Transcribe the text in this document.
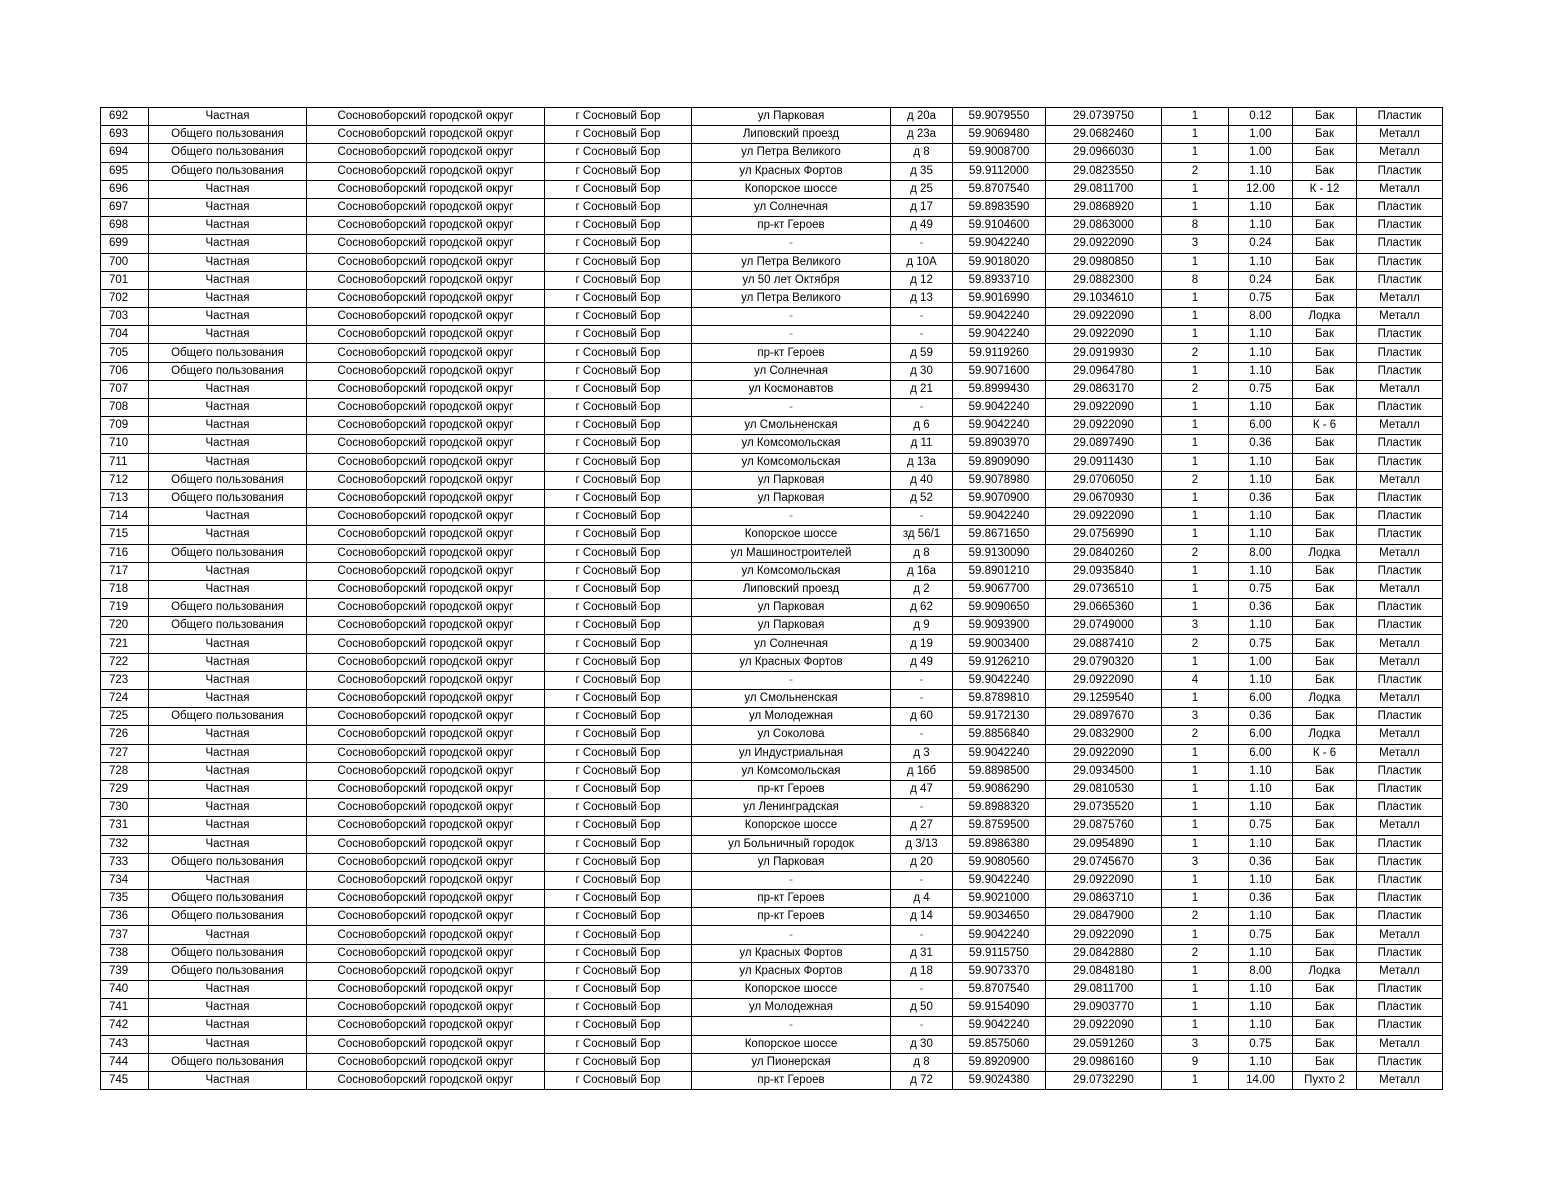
692	Частная	Сосновоборский городской округ	г Сосновый Бор	ул Парковая	д 20а	59.9079550	29.0739750	1	0.12	Бак	Пластик
693	Общего пользования	Сосновоборский городской округ	г Сосновый Бор	Липовский проезд	д 23а	59.9069480	29.0682460	1	1.00	Бак	Металл
694	Общего пользования	Сосновоборский городской округ	г Сосновый Бор	ул Петра Великого	д 8	59.9008700	29.0966030	1	1.00	Бак	Металл
695	Общего пользования	Сосновоборский городской округ	г Сосновый Бор	ул Красных Фортов	д 35	59.9112000	29.0823550	2	1.10	Бак	Пластик
696	Частная	Сосновоборский городской округ	г Сосновый Бор	Копорское шоссе	д 25	59.8707540	29.0811700	1	12.00	К - 12	Металл
697	Частная	Сосновоборский городской округ	г Сосновый Бор	ул Солнечная	д 17	59.8983590	29.0868920	1	1.10	Бак	Пластик
698	Частная	Сосновоборский городской округ	г Сосновый Бор	пр-кт Героев	д 49	59.9104600	29.0863000	8	1.10	Бак	Пластик
699	Частная	Сосновоборский городской округ	г Сосновый Бор	-	-	59.9042240	29.0922090	3	0.24	Бак	Пластик
700	Частная	Сосновоборский городской округ	г Сосновый Бор	ул Петра Великого	д 10А	59.9018020	29.0980850	1	1.10	Бак	Пластик
701	Частная	Сосновоборский городской округ	г Сосновый Бор	ул 50 лет Октября	д 12	59.8933710	29.0882300	8	0.24	Бак	Пластик
702	Частная	Сосновоборский городской округ	г Сосновый Бор	ул Петра Великого	д 13	59.9016990	29.1034610	1	0.75	Бак	Металл
703	Частная	Сосновоборский городской округ	г Сосновый Бор	-	-	59.9042240	29.0922090	1	8.00	Лодка	Металл
704	Частная	Сосновоборский городской округ	г Сосновый Бор	-	-	59.9042240	29.0922090	1	1.10	Бак	Пластик
705	Общего пользования	Сосновоборский городской округ	г Сосновый Бор	пр-кт Героев	д 59	59.9119260	29.0919930	2	1.10	Бак	Пластик
706	Общего пользования	Сосновоборский городской округ	г Сосновый Бор	ул Солнечная	д 30	59.9071600	29.0964780	1	1.10	Бак	Пластик
707	Частная	Сосновоборский городской округ	г Сосновый Бор	ул Космонавтов	д 21	59.8999430	29.0863170	2	0.75	Бак	Металл
708	Частная	Сосновоборский городской округ	г Сосновый Бор	-	-	59.9042240	29.0922090	1	1.10	Бак	Пластик
709	Частная	Сосновоборский городской округ	г Сосновый Бор	ул Смольненская	д 6	59.9042240	29.0922090	1	6.00	К - 6	Металл
710	Частная	Сосновоборский городской округ	г Сосновый Бор	ул Комсомольская	д 11	59.8903970	29.0897490	1	0.36	Бак	Пластик
711	Частная	Сосновоборский городской округ	г Сосновый Бор	ул Комсомольская	д 13а	59.8909090	29.0911430	1	1.10	Бак	Пластик
712	Общего пользования	Сосновоборский городской округ	г Сосновый Бор	ул Парковая	д 40	59.9078980	29.0706050	2	1.10	Бак	Металл
713	Общего пользования	Сосновоборский городской округ	г Сосновый Бор	ул Парковая	д 52	59.9070900	29.0670930	1	0.36	Бак	Пластик
714	Частная	Сосновоборский городской округ	г Сосновый Бор	-	-	59.9042240	29.0922090	1	1.10	Бак	Пластик
715	Частная	Сосновоборский городской округ	г Сосновый Бор	Копорское шоссе	зд 56/1	59.8671650	29.0756990	1	1.10	Бак	Пластик
716	Общего пользования	Сосновоборский городской округ	г Сосновый Бор	ул Машиностроителей	д 8	59.9130090	29.0840260	2	8.00	Лодка	Металл
717	Частная	Сосновоборский городской округ	г Сосновый Бор	ул Комсомольская	д 16а	59.8901210	29.0935840	1	1.10	Бак	Пластик
718	Частная	Сосновоборский городской округ	г Сосновый Бор	Липовский проезд	д 2	59.9067700	29.0736510	1	0.75	Бак	Металл
719	Общего пользования	Сосновоборский городской округ	г Сосновый Бор	ул Парковая	д 62	59.9090650	29.0665360	1	0.36	Бак	Пластик
720	Общего пользования	Сосновоборский городской округ	г Сосновый Бор	ул Парковая	д 9	59.9093900	29.0749000	3	1.10	Бак	Пластик
721	Частная	Сосновоборский городской округ	г Сосновый Бор	ул Солнечная	д 19	59.9003400	29.0887410	2	0.75	Бак	Металл
722	Частная	Сосновоборский городской округ	г Сосновый Бор	ул Красных Фортов	д 49	59.9126210	29.0790320	1	1.00	Бак	Металл
723	Частная	Сосновоборский городской округ	г Сосновый Бор	-	-	59.9042240	29.0922090	4	1.10	Бак	Пластик
724	Частная	Сосновоборский городской округ	г Сосновый Бор	ул Смольненская	-	59.8789810	29.1259540	1	6.00	Лодка	Металл
725	Общего пользования	Сосновоборский городской округ	г Сосновый Бор	ул Молодежная	д 60	59.9172130	29.0897670	3	0.36	Бак	Пластик
726	Частная	Сосновоборский городской округ	г Сосновый Бор	ул Соколова	-	59.8856840	29.0832900	2	6.00	Лодка	Металл
727	Частная	Сосновоборский городской округ	г Сосновый Бор	ул Индустриальная	д 3	59.9042240	29.0922090	1	6.00	К - 6	Металл
728	Частная	Сосновоборский городской округ	г Сосновый Бор	ул Комсомольская	д 16б	59.8898500	29.0934500	1	1.10	Бак	Пластик
729	Частная	Сосновоборский городской округ	г Сосновый Бор	пр-кт Героев	д 47	59.9086290	29.0810530	1	1.10	Бак	Пластик
730	Частная	Сосновоборский городской округ	г Сосновый Бор	ул Ленинградская	-	59.8988320	29.0735520	1	1.10	Бак	Пластик
731	Частная	Сосновоборский городской округ	г Сосновый Бор	Копорское шоссе	д 27	59.8759500	29.0875760	1	0.75	Бак	Металл
732	Частная	Сосновоборский городской округ	г Сосновый Бор	ул Больничный городок	д 3/13	59.8986380	29.0954890	1	1.10	Бак	Пластик
733	Общего пользования	Сосновоборский городской округ	г Сосновый Бор	ул Парковая	д 20	59.9080560	29.0745670	3	0.36	Бак	Пластик
734	Частная	Сосновоборский городской округ	г Сосновый Бор	-	-	59.9042240	29.0922090	1	1.10	Бак	Пластик
735	Общего пользования	Сосновоборский городской округ	г Сосновый Бор	пр-кт Героев	д 4	59.9021000	29.0863710	1	0.36	Бак	Пластик
736	Общего пользования	Сосновоборский городской округ	г Сосновый Бор	пр-кт Героев	д 14	59.9034650	29.0847900	2	1.10	Бак	Пластик
737	Частная	Сосновоборский городской округ	г Сосновый Бор	-	-	59.9042240	29.0922090	1	0.75	Бак	Металл
738	Общего пользования	Сосновоборский городской округ	г Сосновый Бор	ул Красных Фортов	д 31	59.9115750	29.0842880	2	1.10	Бак	Пластик
739	Общего пользования	Сосновоборский городской округ	г Сосновый Бор	ул Красных Фортов	д 18	59.9073370	29.0848180	1	8.00	Лодка	Металл
740	Частная	Сосновоборский городской округ	г Сосновый Бор	Копорское шоссе	-	59.8707540	29.0811700	1	1.10	Бак	Пластик
741	Частная	Сосновоборский городской округ	г Сосновый Бор	ул Молодежная	д 50	59.9154090	29.0903770	1	1.10	Бак	Пластик
742	Частная	Сосновоборский городской округ	г Сосновый Бор	-	-	59.9042240	29.0922090	1	1.10	Бак	Пластик
743	Частная	Сосновоборский городской округ	г Сосновый Бор	Копорское шоссе	д 30	59.8575060	29.0591260	3	0.75	Бак	Металл
744	Общего пользования	Сосновоборский городской округ	г Сосновый Бор	ул Пионерская	д 8	59.8920900	29.0986160	9	1.10	Бак	Пластик
745	Частная	Сосновоборский городской округ	г Сосновый Бор	пр-кт Героев	д 72	59.9024380	29.0732290	1	14.00	Пухто 2	Металл
